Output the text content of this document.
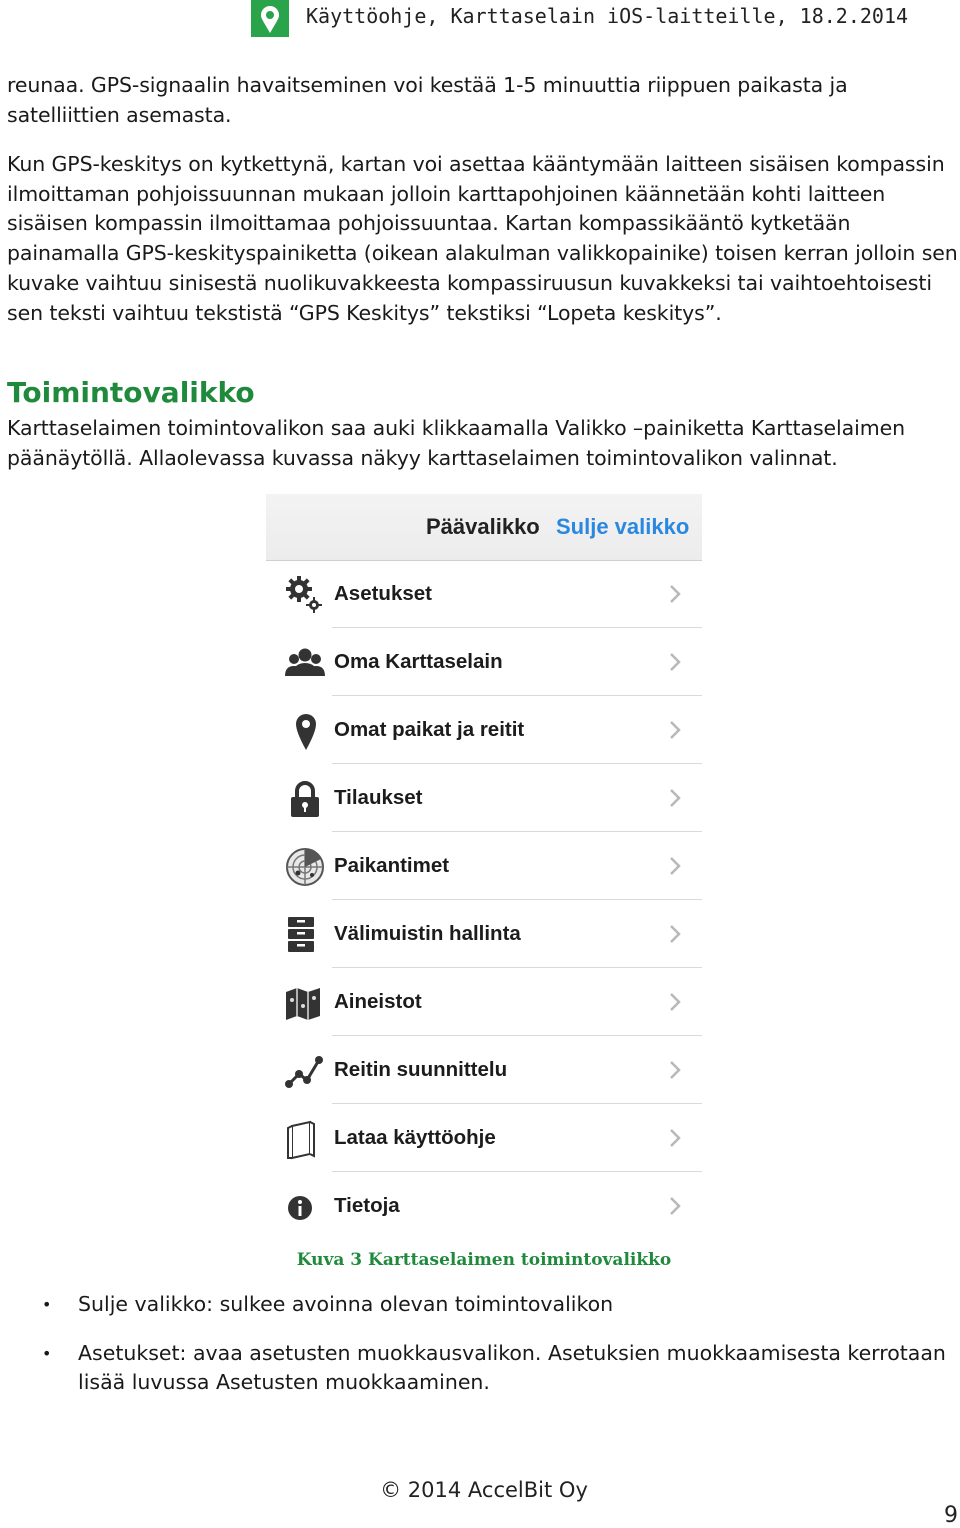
Käyttöohje, Karttaselain iOS-laitteille, 18.2.2014

reunaa. GPS-signaalin havaitseminen voi kestää 1-5 minuuttia riippuen paikasta ja satelliittien asemasta.

Kun GPS-keskitys on kytkettynä, kartan voi asettaa kääntymään laitteen sisäisen kompassin ilmoittaman pohjoissuunnan mukaan jolloin karttapohjoinen käännetään kohti laitteen sisäisen kompassin ilmoittamaa pohjoissuuntaa. Kartan kompassikääntö kytketään painamalla GPS-keskityspainiketta (oikean alakulman valikkopainike) toisen kerran jolloin sen kuvake vaihtuu sinisestä nuolikuvakkeesta kompassiruusun kuvakkeksi tai vaihtoehtoisesti sen teksti vaihtuu tekstistä “GPS Keskitys” tekstiksi “Lopeta keskitys”.

Toimintovalikko

Karttaselaimen toimintovalikon saa auki klikkaamalla Valikko –painiketta Karttaselaimen päänäytöllä. Allaolevassa kuvassa näkyy karttaselaimen toimintovalikon valinnat.

Päävalikko Sulje valikko
Asetukset
Oma Karttaselain
Omat paikat ja reitit
Tilaukset
Paikantimet
Välimuistin hallinta
Aineistot
Reitin suunnittelu
Lataa käyttöohje
Tietoja
Kuva 3 Karttaselaimen toimintovalikko
• Sulje valikko: sulkee avoinna olevan toimintovalikon
• Asetukset: avaa asetusten muokkausvalikon. Asetuksien muokkaamisesta kerrotaan lisää luvussa Asetusten muokkaaminen.
© 2014 AccelBit Oy
9
